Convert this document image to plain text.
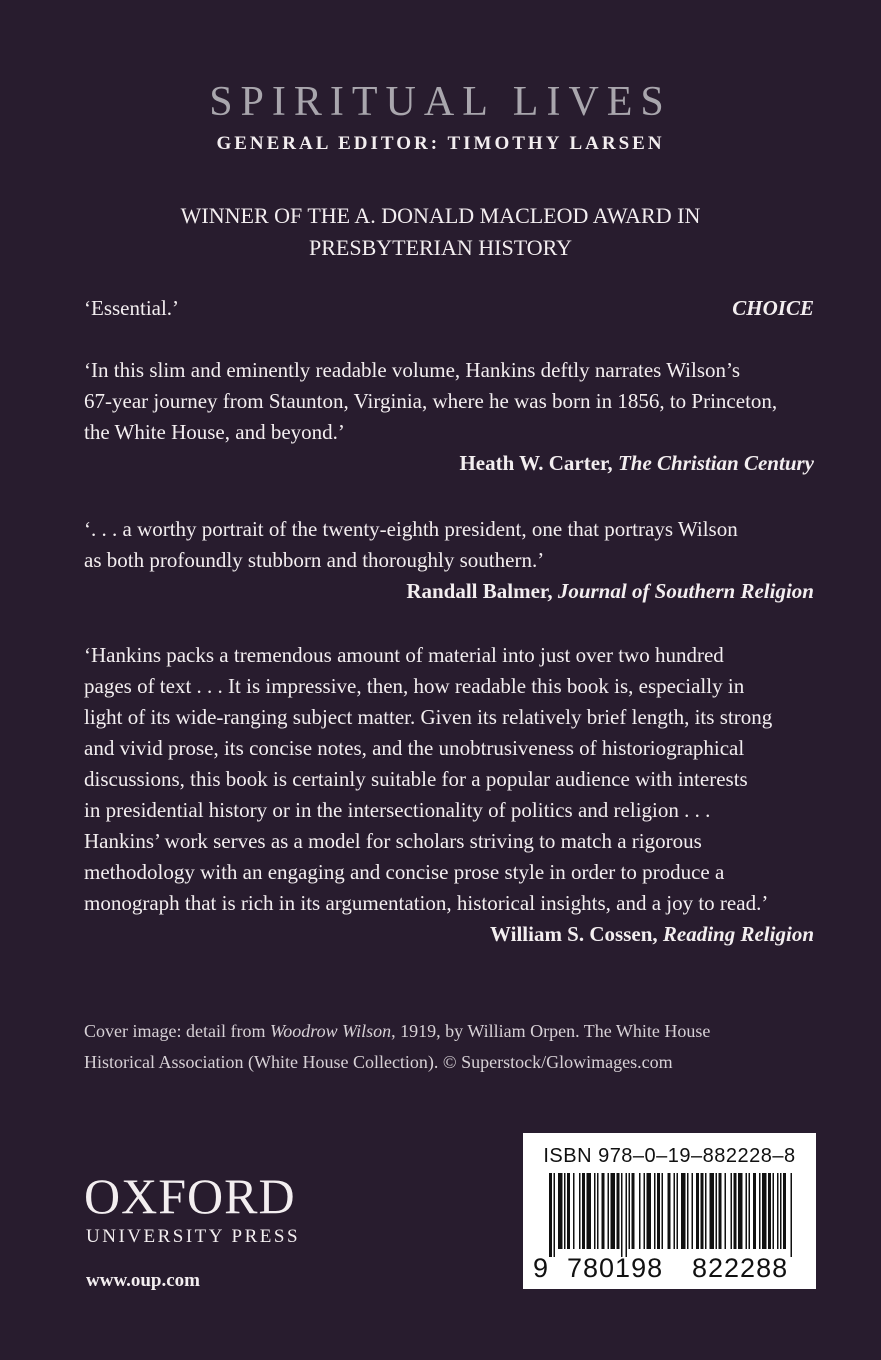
SPIRITUAL LIVES
GENERAL EDITOR: TIMOTHY LARSEN
WINNER OF THE A. DONALD MACLEOD AWARD IN
PRESBYTERIAN HISTORY
‘Essential.’	CHOICE
‘In this slim and eminently readable volume, Hankins deftly narrates Wilson’s
67-year journey from Staunton, Virginia, where he was born in 1856, to Princeton,
the White House, and beyond.’
Heath W. Carter, The Christian Century
‘. . . a worthy portrait of the twenty-eighth president, one that portrays Wilson
as both profoundly stubborn and thoroughly southern.’
Randall Balmer, Journal of Southern Religion
‘Hankins packs a tremendous amount of material into just over two hundred
pages of text . . . It is impressive, then, how readable this book is, especially in
light of its wide-ranging subject matter. Given its relatively brief length, its strong
and vivid prose, its concise notes, and the unobtrusiveness of historiographical
discussions, this book is certainly suitable for a popular audience with interests
in presidential history or in the intersectionality of politics and religion . . .
Hankins’ work serves as a model for scholars striving to match a rigorous
methodology with an engaging and concise prose style in order to produce a
monograph that is rich in its argumentation, historical insights, and a joy to read.’
William S. Cossen, Reading Religion
Cover image: detail from Woodrow Wilson, 1919, by William Orpen. The White House
Historical Association (White House Collection). © Superstock/Glowimages.com
OXFORD
UNIVERSITY PRESS
www.oup.com
ISBN 978–0–19–882228–8
9 780198 822288
